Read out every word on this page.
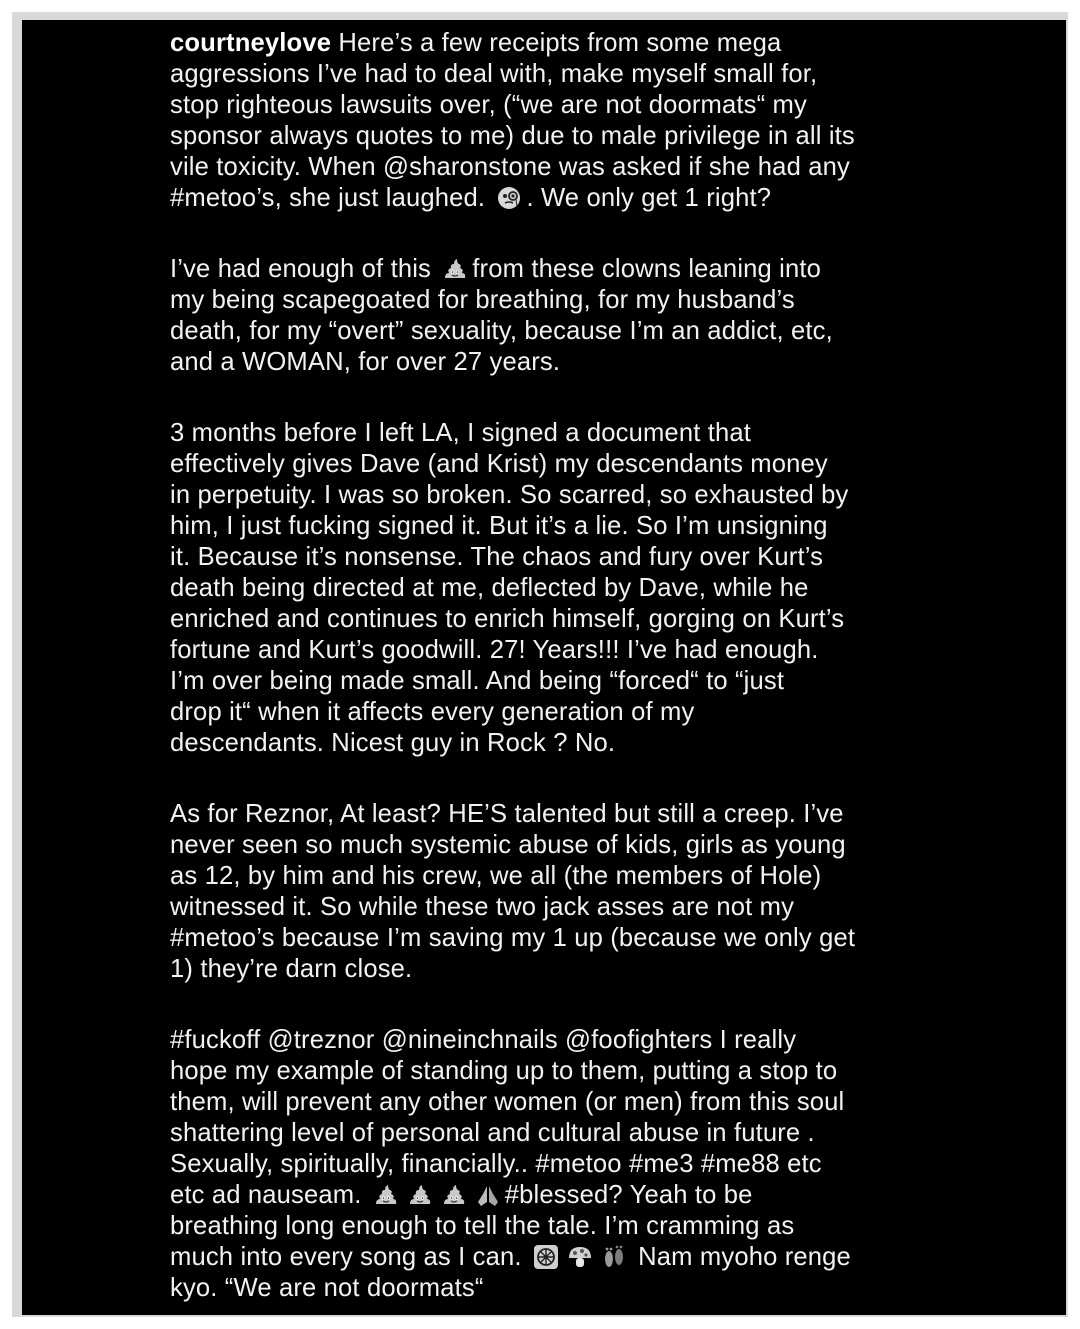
courtneylove Here’s a few receipts from some mega
aggressions I’ve had to deal with, make myself small for,
stop righteous lawsuits over, (“we are not doormats“ my
sponsor always quotes to me) due to male privilege in all its
vile toxicity. When @sharonstone was asked if she had any
#metoo’s, she just laughed.
. We only get 1 right?
I’ve had enough of this
from these clowns leaning into
my being scapegoated for breathing, for my husband’s
death, for my “overt” sexuality, because I’m an addict, etc,
and a WOMAN, for over 27 years.
3 months before I left LA, I signed a document that
effectively gives Dave (and Krist) my descendants money
in perpetuity. I was so broken. So scarred, so exhausted by
him, I just fucking signed it. But it’s a lie. So I’m unsigning
it. Because it’s nonsense. The chaos and fury over Kurt’s
death being directed at me, deflected by Dave, while he
enriched and continues to enrich himself, gorging on Kurt’s
fortune and Kurt’s goodwill. 27! Years!!! I’ve had enough.
I’m over being made small. And being “forced“ to “just
drop it“ when it affects every generation of my
descendants. Nicest guy in Rock ? No.
As for Reznor, At least? HE’S talented but still a creep. I’ve
never seen so much systemic abuse of kids, girls as young
as 12, by him and his crew, we all (the members of Hole)
witnessed it. So while these two jack asses are not my
#metoo’s because I’m saving my 1 up (because we only get
1) they’re darn close.
#fuckoff @treznor @nineinchnails @foofighters I really
hope my example of standing up to them, putting a stop to
them, will prevent any other women (or men) from this soul
shattering level of personal and cultural abuse in future .
Sexually, spiritually, financially.. #metoo #me3 #me88 etc
etc ad nauseam.	#blessed? Yeah to be
breathing long enough to tell the tale. I’m cramming as
much into every song as I can.	Nam myoho renge
kyo. “We are not doormats“
